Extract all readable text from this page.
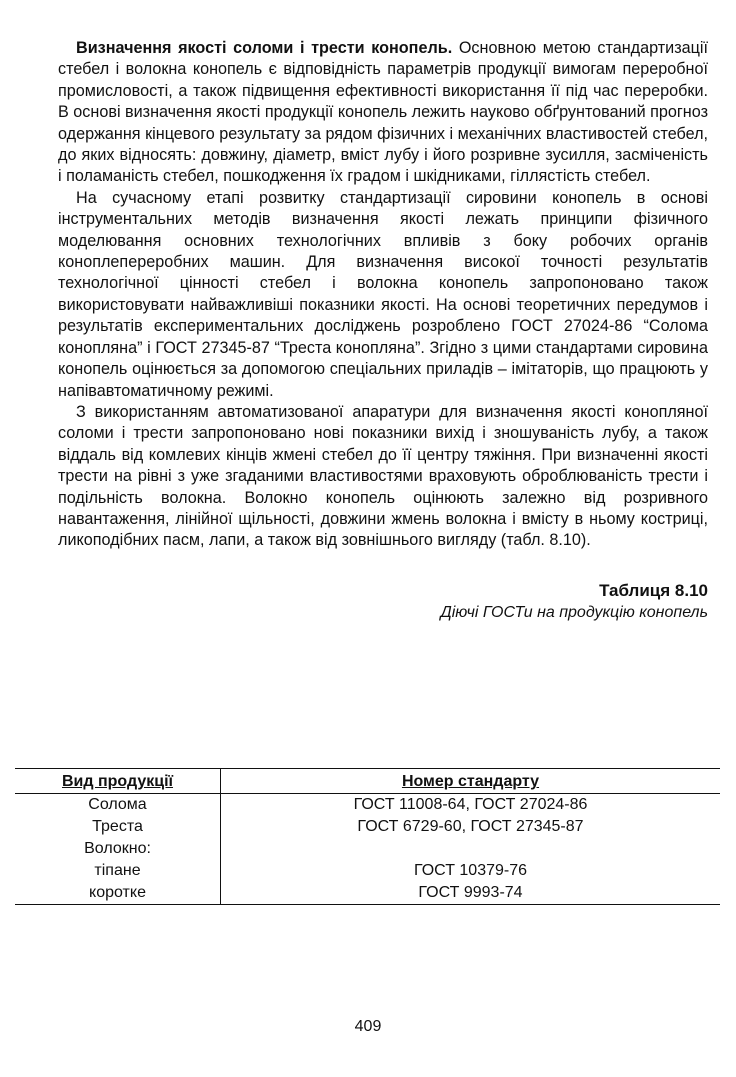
Визначення якості соломи і трести конопель. Основною метою стандартизації стебел і волокна конопель є відповідність параметрів продукції вимогам переробної промисловості, а також підвищення ефективності використання її під час переробки. В основі визначення якості продукції конопель лежить науково обґрунтований прогноз одержання кінцевого результату за рядом фізичних і механічних властивостей стебел, до яких відносять: довжину, діаметр, вміст лубу і його розривне зусилля, засміченість і поламаність стебел, пошкодження їх градом і шкідниками, гіллястість стебел.

На сучасному етапі розвитку стандартизації сировини конопель в основі інструментальних методів визначення якості лежать принципи фізичного моделювання основних технологічних впливів з боку робочих органів коноплепереробних машин. Для визначення високої точності результатів технологічної цінності стебел і волокна конопель запропоновано також використовувати найважливіші показники якості. На основі теоретичних передумов і результатів експериментальних досліджень розроблено ГОСТ 27024-86 “Солома конопляна” і ГОСТ 27345-87 “Треста конопляна”. Згідно з цими стандартами сировина конопель оцінюється за допомогою спеціальних приладів – імітаторів, що працюють у напівавтоматичному режимі.

З використанням автоматизованої апаратури для визначення якості конопляної соломи і трести запропоновано нові показники вихід і зношуваність лубу, а також віддаль від комлевих кінців жмені стебел до її центру тяжіння. При визначенні якості трести на рівні з уже згаданими властивостями враховують оброблюваність трести і подільність волокна. Волокно конопель оцінюють залежно від розривного навантаження, лінійної щільності, довжини жмень волокна і вмісту в ньому костриці, ликоподібних пасм, лапи, а також від зовнішнього вигляду (табл. 8.10).

Таблиця 8.10
Діючі ГОСТи на продукцію конопель
Вид продукції	Номер стандарту
Солома	ГОСТ 11008-64, ГОСТ 27024-86
Треста	ГОСТ 6729-60, ГОСТ 27345-87
Волокно:	
тіпане	ГОСТ 10379-76
коротке	ГОСТ 9993-74
409
